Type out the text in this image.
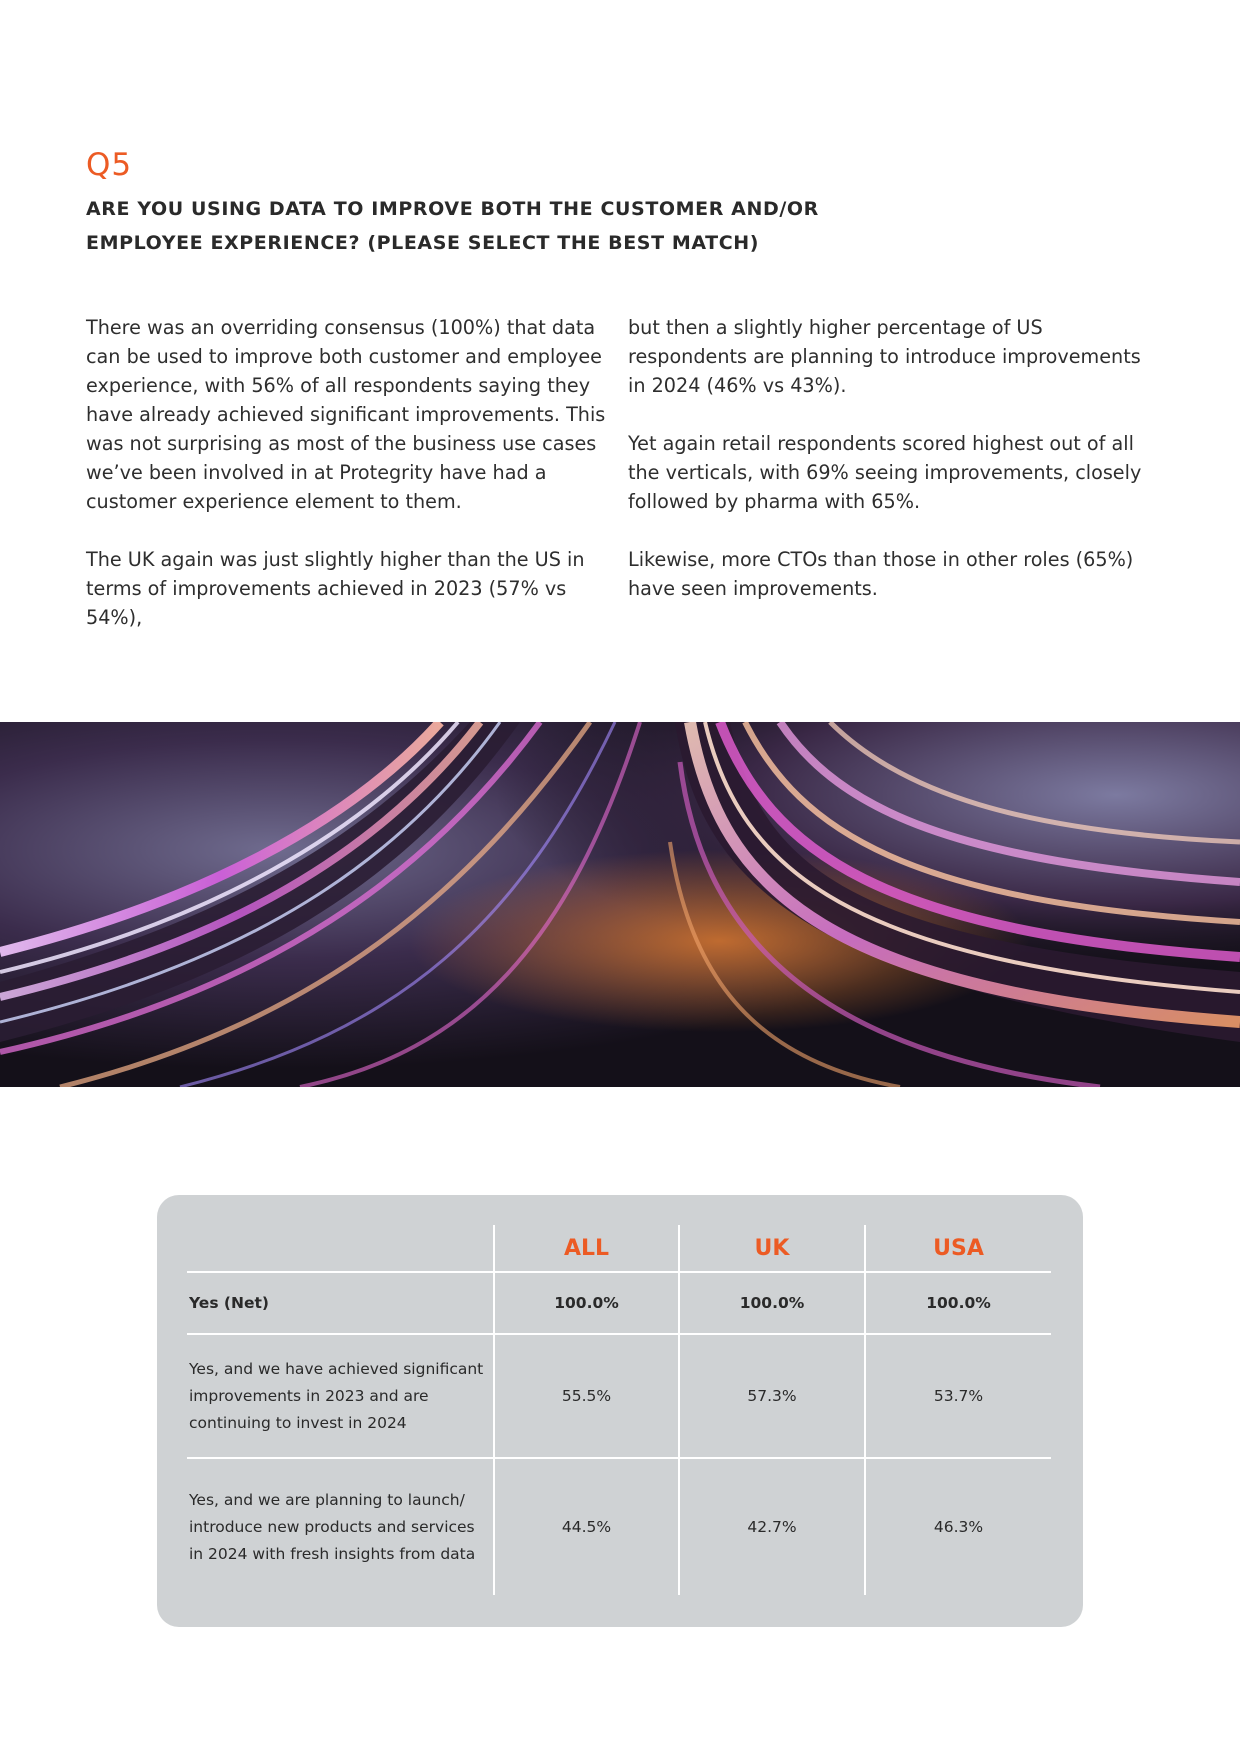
Q5
ARE YOU USING DATA TO IMPROVE BOTH THE CUSTOMER AND/OR
EMPLOYEE EXPERIENCE? (PLEASE SELECT THE BEST MATCH)

There was an overriding consensus (100%) that data can be used to improve both customer and employee experience, with 56% of all respondents saying they have already achieved significant improvements. This was not surprising as most of the business use cases we’ve been involved in at Protegrity have had a customer experience element to them.

The UK again was just slightly higher than the US in terms of improvements achieved in 2023 (57% vs 54%),

but then a slightly higher percentage of US respondents are planning to introduce improvements in 2024 (46% vs 43%).

Yet again retail respondents scored highest out of all the verticals, with 69% seeing improvements, closely followed by pharma with 65%.

Likewise, more CTOs than those in other roles (65%) have seen improvements.

	ALL	UK	USA
Yes (Net)	100.0%	100.0%	100.0%

Yes, and we have achieved significant
improvements in 2023 and are
continuing to invest in 2024	55.5%	57.3%	53.7%

Yes, and we are planning to launch/
introduce new products and services
in 2024 with fresh insights from data	44.5%	42.7%	46.3%
